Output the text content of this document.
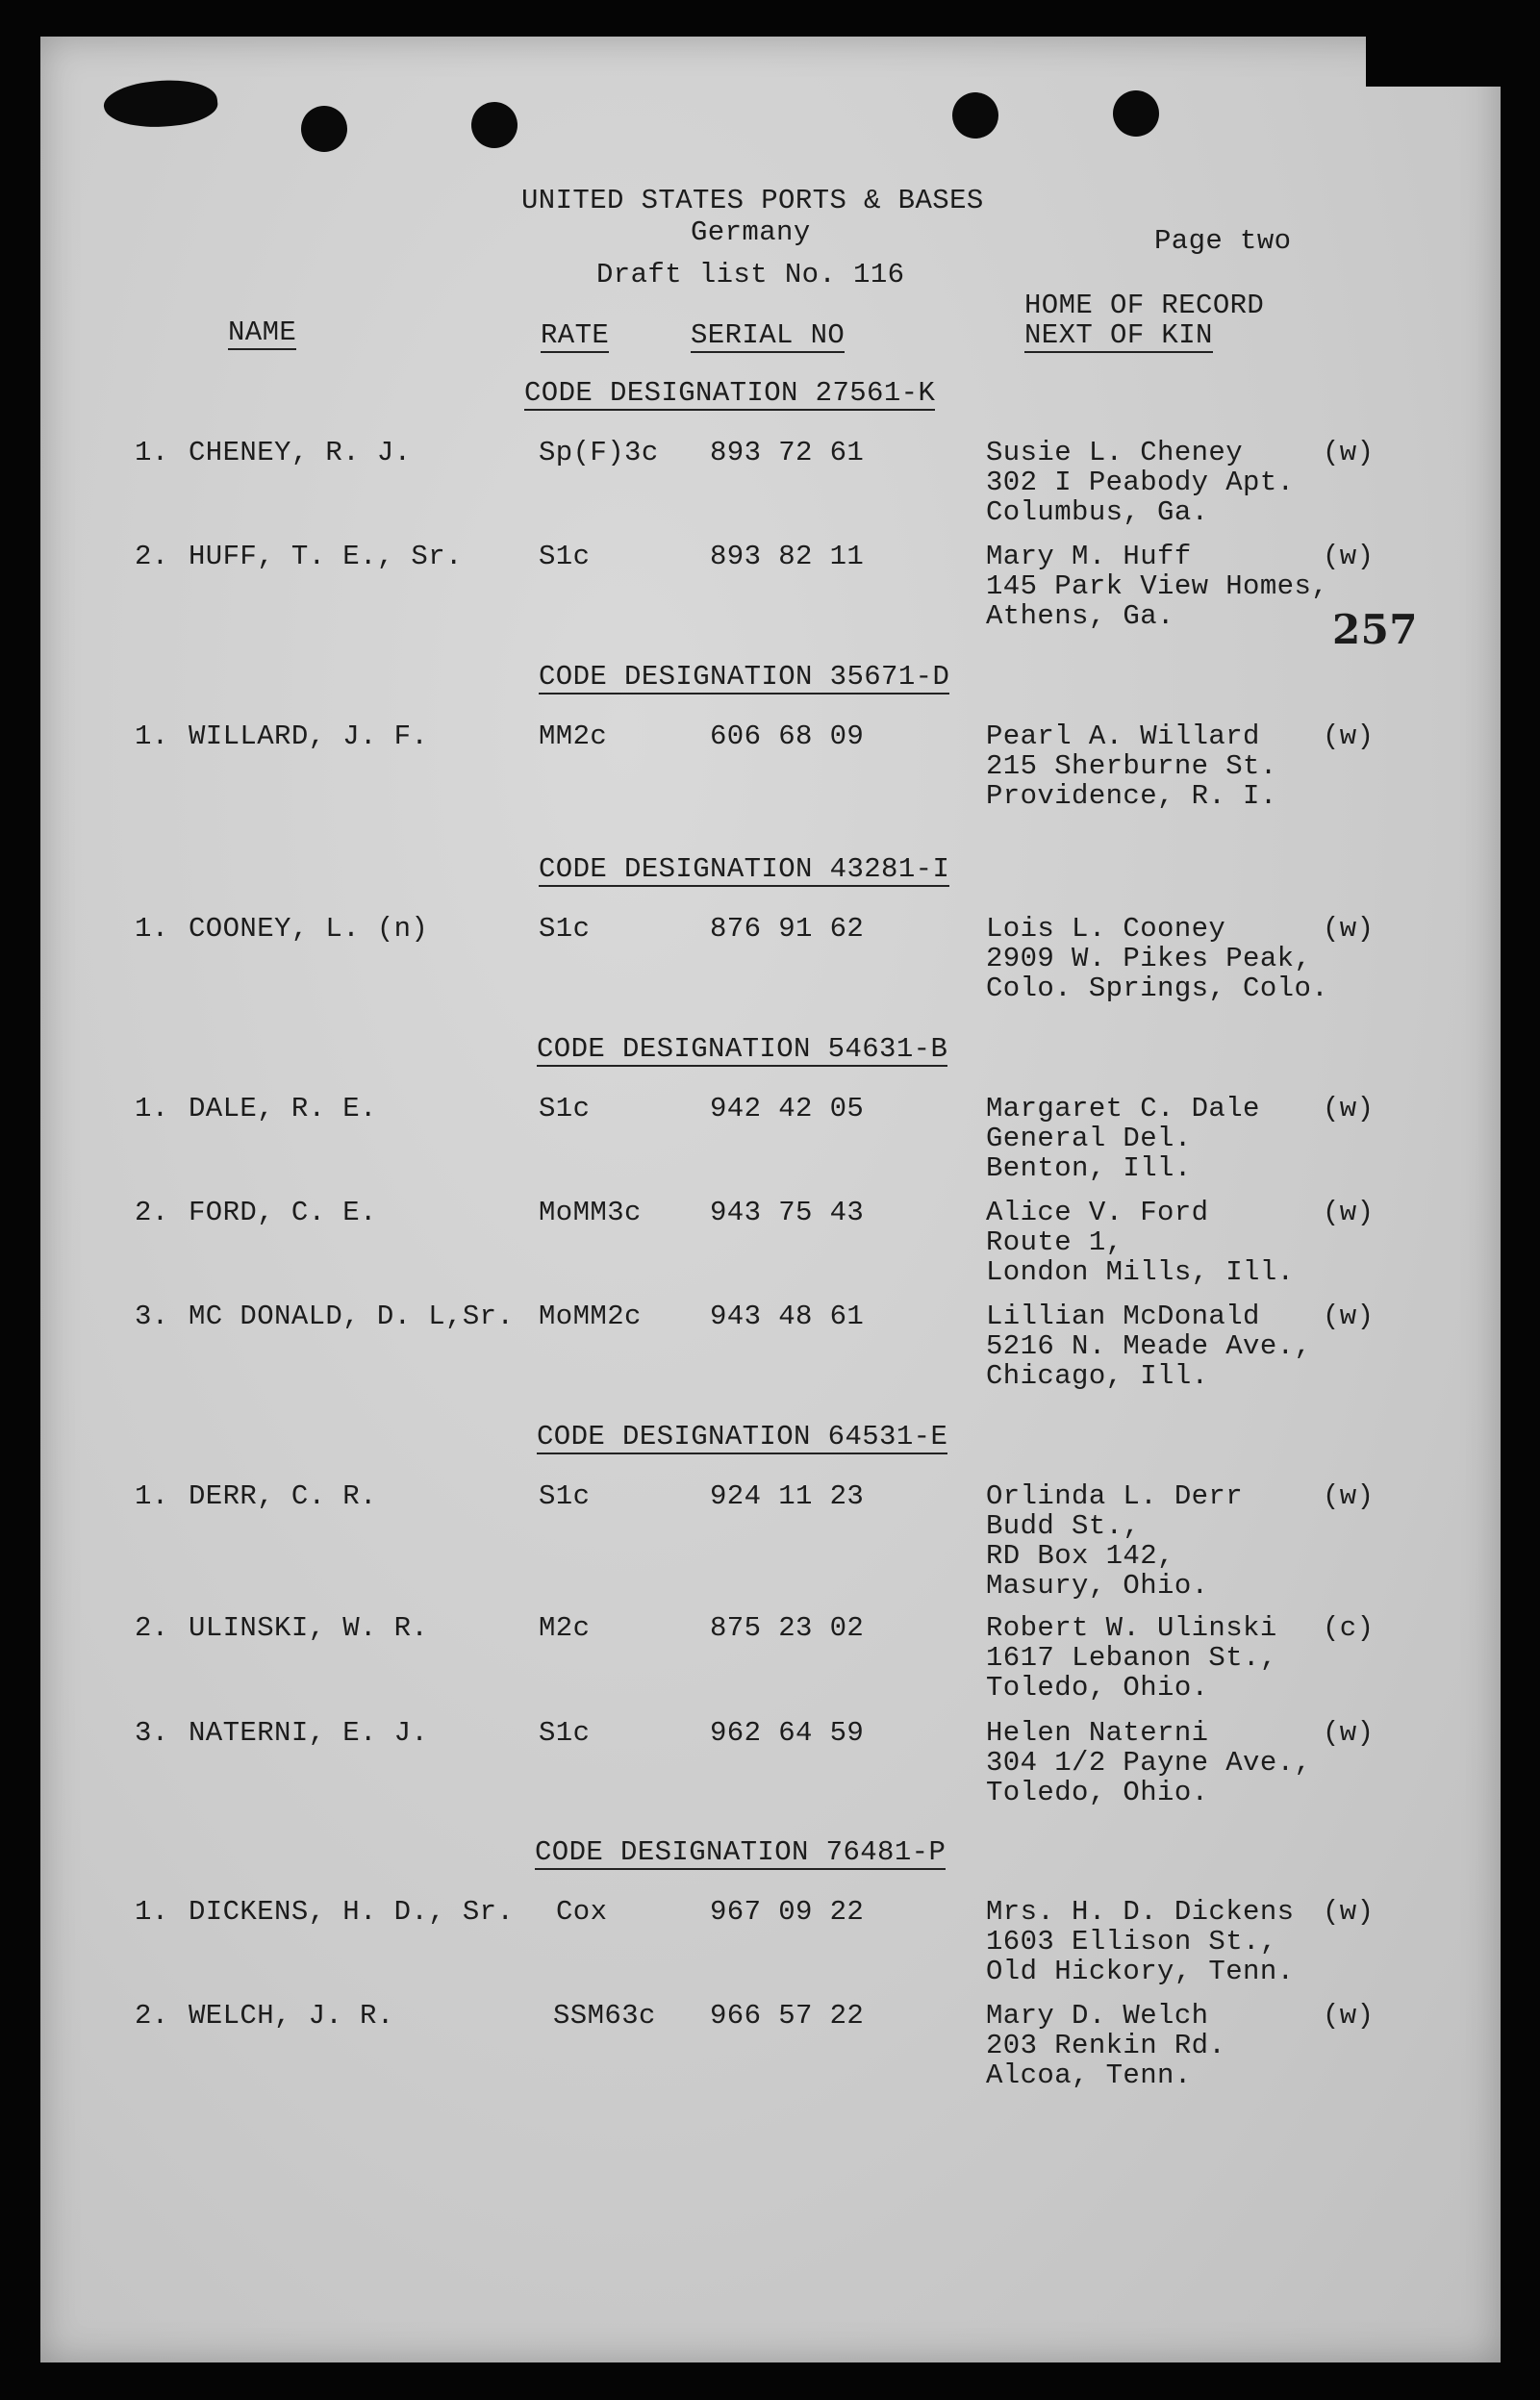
UNITED STATES PORTS & BASES
Germany	Page two
Draft list No. 116
NAME	RATE	SERIAL NO
HOME OF RECORD
NEXT OF KIN
257
CODE DESIGNATION 27561-K
1. CHENEY, R. J.	Sp(F)3c 893 72 61	Susie L. Cheney
302 I Peabody Apt.
Columbus, Ga.
(w)
2. HUFF, T. E., Sr.	S1c	893 82 11	Mary M. Huff
145 Park View Homes,
Athens, Ga.
(w)
CODE DESIGNATION 35671-D
1. WILLARD, J. F.	MM2c	606 68 09	Pearl A. Willard
215 Sherburne St.
Providence, R. I.
(w)
CODE DESIGNATION 43281-I
1. COONEY, L. (n)	S1c	876 91 62	Lois L. Cooney
2909 W. Pikes Peak,
Colo. Springs, Colo.
(w)
CODE DESIGNATION 54631-B
1. DALE, R. E.	S1c	942 42 05	Margaret C. Dale
General Del.
Benton, Ill.
(w)
2. FORD, C. E.	MoMM3c 943 75 43	Alice V. Ford
Route 1,
London Mills, Ill.
(w)
3. MC DONALD, D. L,Sr. MoMM2c 943 48 61	Lillian McDonald
5216 N. Meade Ave.,
Chicago, Ill.
(w)
CODE DESIGNATION 64531-E
1. DERR, C. R.	S1c	924 11 23	Orlinda L. Derr
Budd St.,
RD Box 142,
Masury, Ohio.
(w)
2. ULINSKI, W. R.	M2c	875 23 02	Robert W. Ulinski
1617 Lebanon St.,
Toledo, Ohio.
(c)
3. NATERNI, E. J.	S1c	962 64 59	Helen Naterni
304 1/2 Payne Ave.,
Toledo, Ohio.
(w)
CODE DESIGNATION 76481-P
1. DICKENS, H. D., Sr. Cox	967 09 22	Mrs. H. D. Dickens
1603 Ellison St.,
Old Hickory, Tenn.
(w)
2. WELCH, J. R.	SSM63c 966 57 22	Mary D. Welch
203 Renkin Rd.
Alcoa, Tenn.
(w)
